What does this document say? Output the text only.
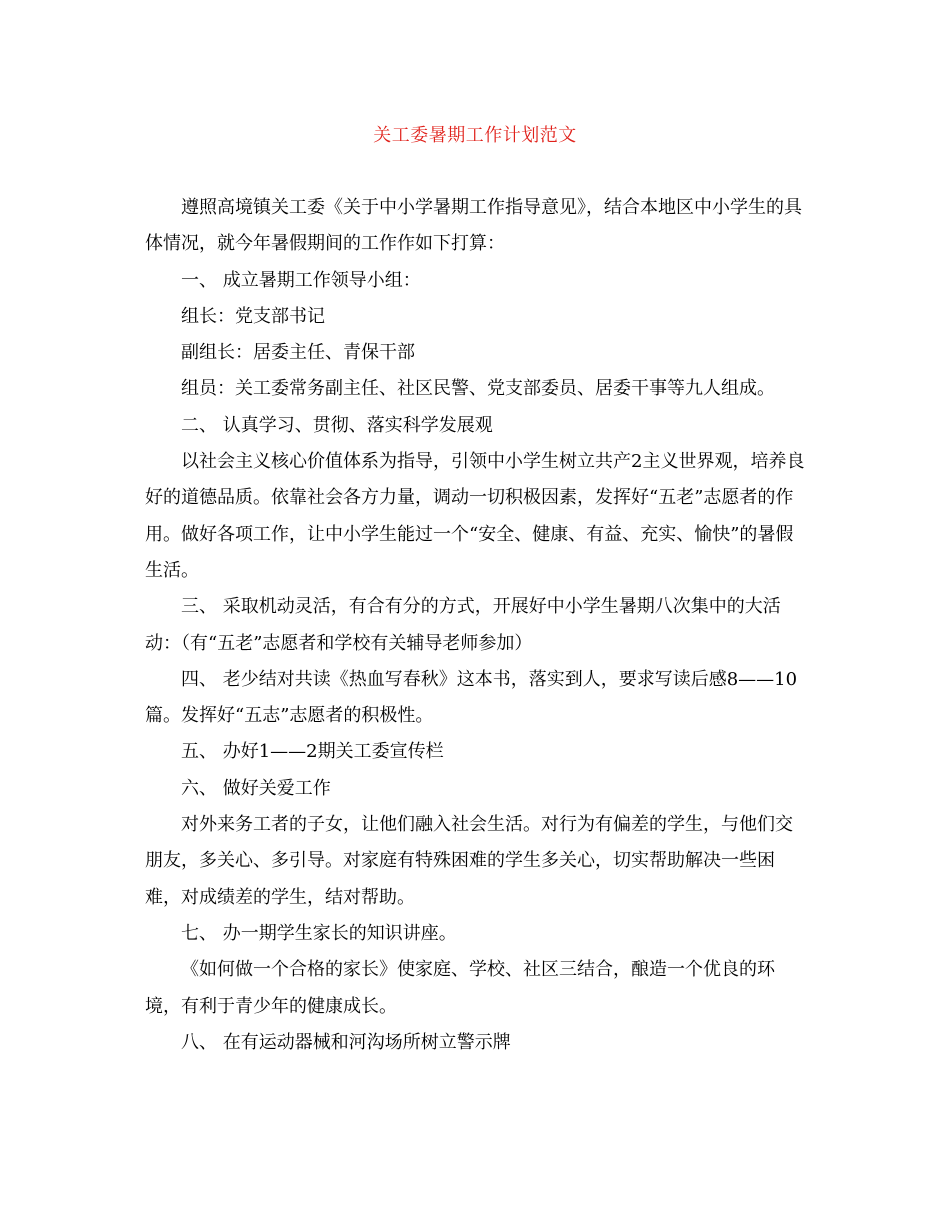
关工委暑期工作计划范文

遵照高境镇关工委《关于中小学暑期工作指导意见》，结合本地区中小学生的具体情况，就今年暑假期间的工作作如下打算：

一、 成立暑期工作领导小组：

组长：党支部书记

副组长：居委主任、青保干部

组员：关工委常务副主任、社区民警、党支部委员、居委干事等九人组成。

二、 认真学习、贯彻、落实科学发展观

以社会主义核心价值体系为指导，引领中小学生树立共产2主义世界观，培养良好的道德品质。依靠社会各方力量，调动一切积极因素，发挥好“五老”志愿者的作用。做好各项工作，让中小学生能过一个“安全、健康、有益、充实、愉快”的暑假生活。

三、 采取机动灵活，有合有分的方式，开展好中小学生暑期八次集中的大活动：（有“五老”志愿者和学校有关辅导老师参加）

四、 老少结对共读《热血写春秋》这本书，落实到人，要求写读后感8——10篇。发挥好“五志”志愿者的积极性。

五、 办好1——2期关工委宣传栏

六、 做好关爱工作

对外来务工者的子女，让他们融入社会生活。对行为有偏差的学生，与他们交朋友，多关心、多引导。对家庭有特殊困难的学生多关心，切实帮助解决一些困难，对成绩差的学生，结对帮助。

七、 办一期学生家长的知识讲座。

《如何做一个合格的家长》使家庭、学校、社区三结合，酿造一个优良的环境，有利于青少年的健康成长。

八、 在有运动器械和河沟场所树立警示牌
